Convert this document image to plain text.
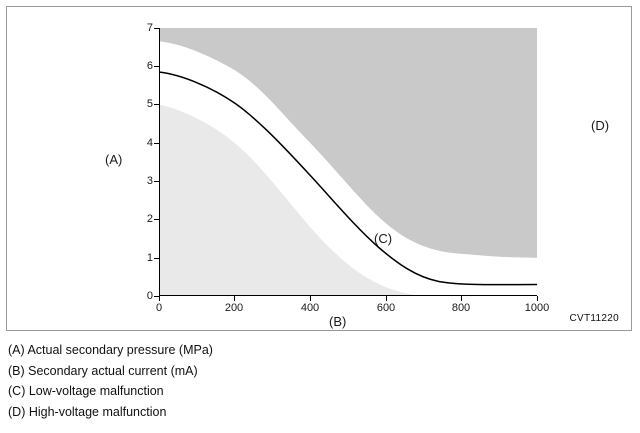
(C)
(D)
0
1
2
3
4
5
6
7
0	200	400	600	800	1000
(A)
(B)	CVT11220
(A) Actual secondary pressure (MPa)
(B) Secondary actual current (mA)
(C) Low-voltage malfunction
(D) High-voltage malfunction
